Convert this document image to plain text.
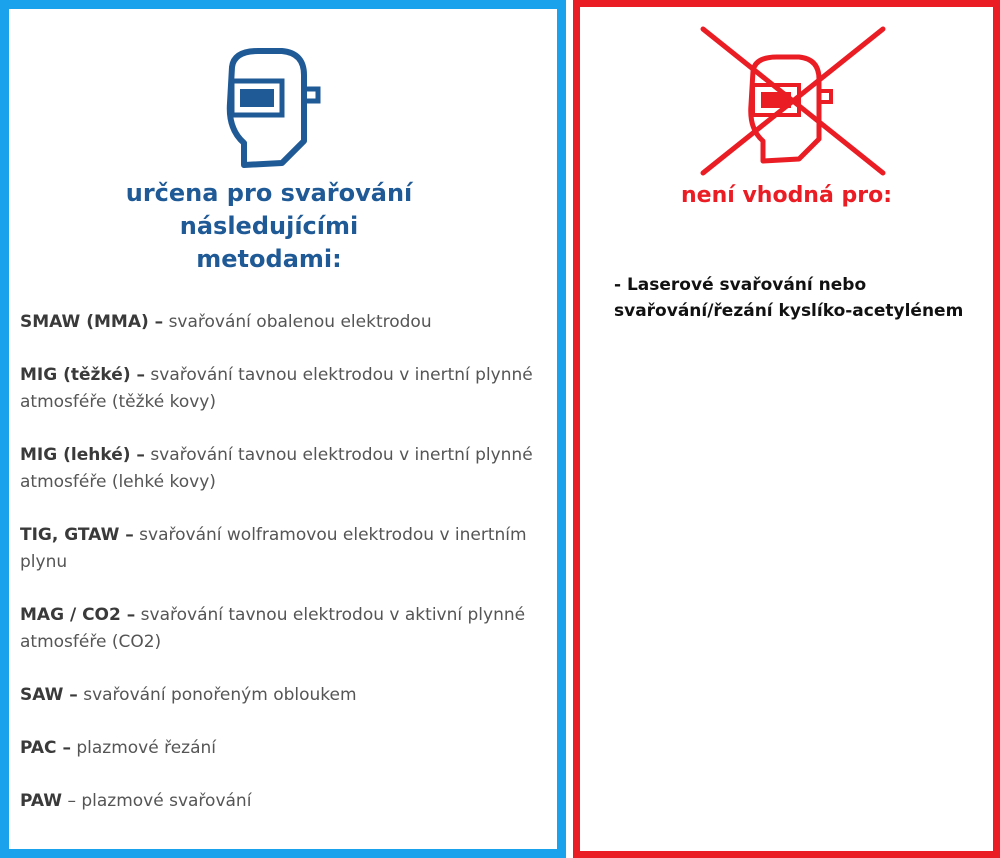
určena pro svařování
následujícími
metodami:
SMAW (MMA) – svařování obalenou elektrodou
MIG (těžké) – svařování tavnou elektrodou v inertní plynné atmosféře (těžké kovy)
MIG (lehké) – svařování tavnou elektrodou v inertní plynné atmosféře (lehké kovy)
TIG, GTAW – svařování wolframovou elektrodou v inertním plynu
MAG / CO2 – svařování tavnou elektrodou v aktivní plynné atmosféře (CO2)
SAW – svařování ponořeným obloukem
PAC – plazmové řezání
PAW – plazmové svařování
není vhodná pro:

- Laserové svařování nebo
svařování/řezání kyslíko-acetylénem
